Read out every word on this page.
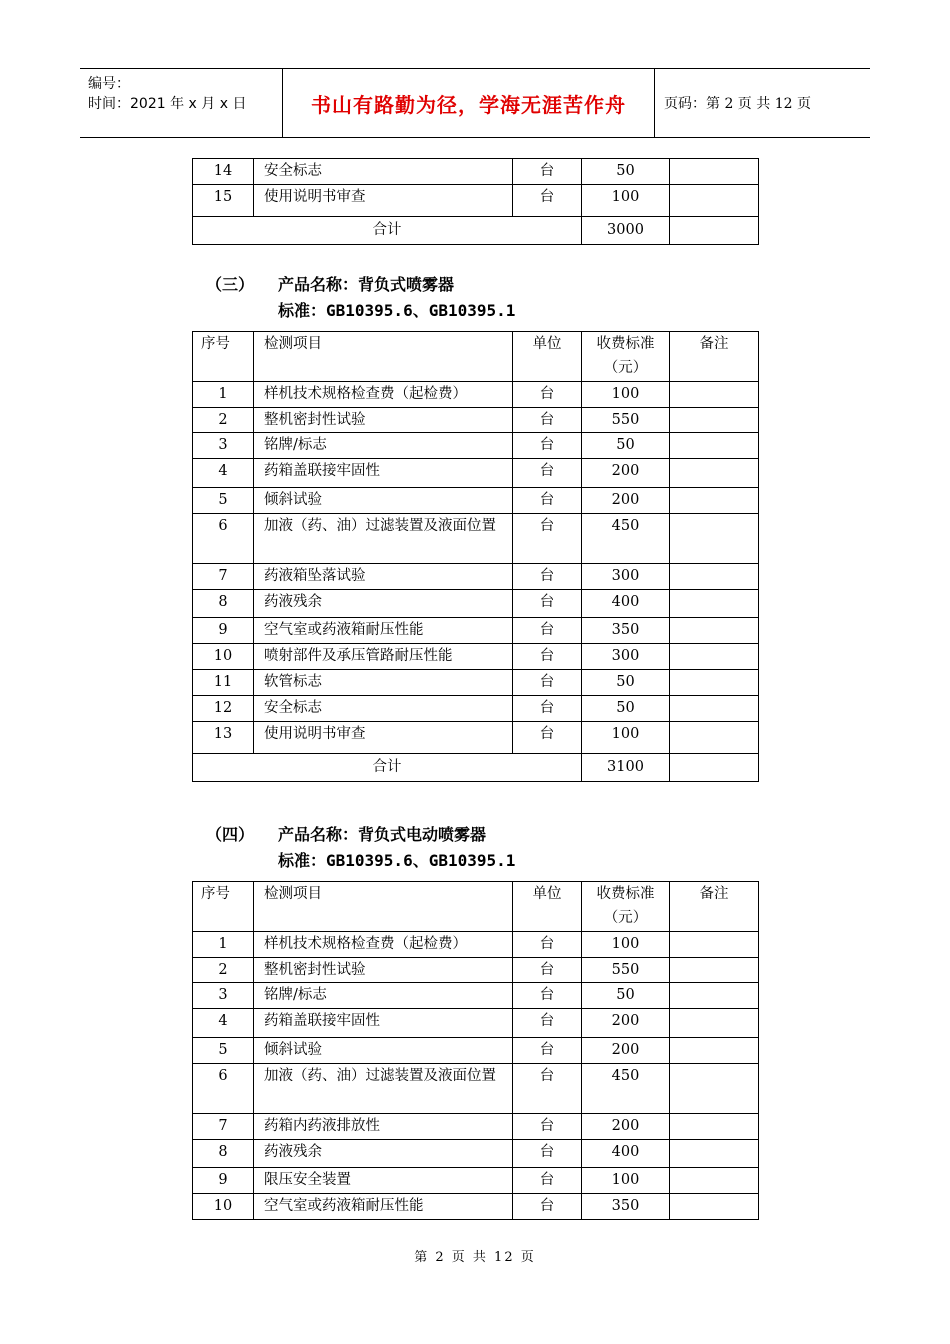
编号：
时间：2021 年 x 月 x 日	书山有路勤为径，学海无涯苦作舟	页码：第 2 页 共 12 页
14	安全标志	台	50	
15	使用说明书审查	台	100	
合计			3000	
（三） 产品名称：背负式喷雾器
标准：GB10395.6、GB10395.1
序号	检测项目	单位	收费标准（元）	备注
1	样机技术规格检查费（起检费）	台	100	
2	整机密封性试验	台	550	
3	铭牌/标志	台	50	
4	药箱盖联接牢固性	台	200	
5	倾斜试验	台	200	
6	加液（药、油）过滤装置及液面位置	台	450	
7	药液箱坠落试验	台	300	
8	药液残余	台	400	
9	空气室或药液箱耐压性能	台	350	
10	喷射部件及承压管路耐压性能	台	300	
11	软管标志	台	50	
12	安全标志	台	50	
13	使用说明书审查	台	100	
合计			3100	
（四） 产品名称：背负式电动喷雾器
标准：GB10395.6、GB10395.1
序号	检测项目	单位	收费标准（元）	备注
1	样机技术规格检查费（起检费）	台	100	
2	整机密封性试验	台	550	
3	铭牌/标志	台	50	
4	药箱盖联接牢固性	台	200	
5	倾斜试验	台	200	
6	加液（药、油）过滤装置及液面位置	台	450	
7	药箱内药液排放性	台	200	
8	药液残余	台	400	
9	限压安全装置	台	100	
10	空气室或药液箱耐压性能	台	350	
第 2 页 共 12 页
